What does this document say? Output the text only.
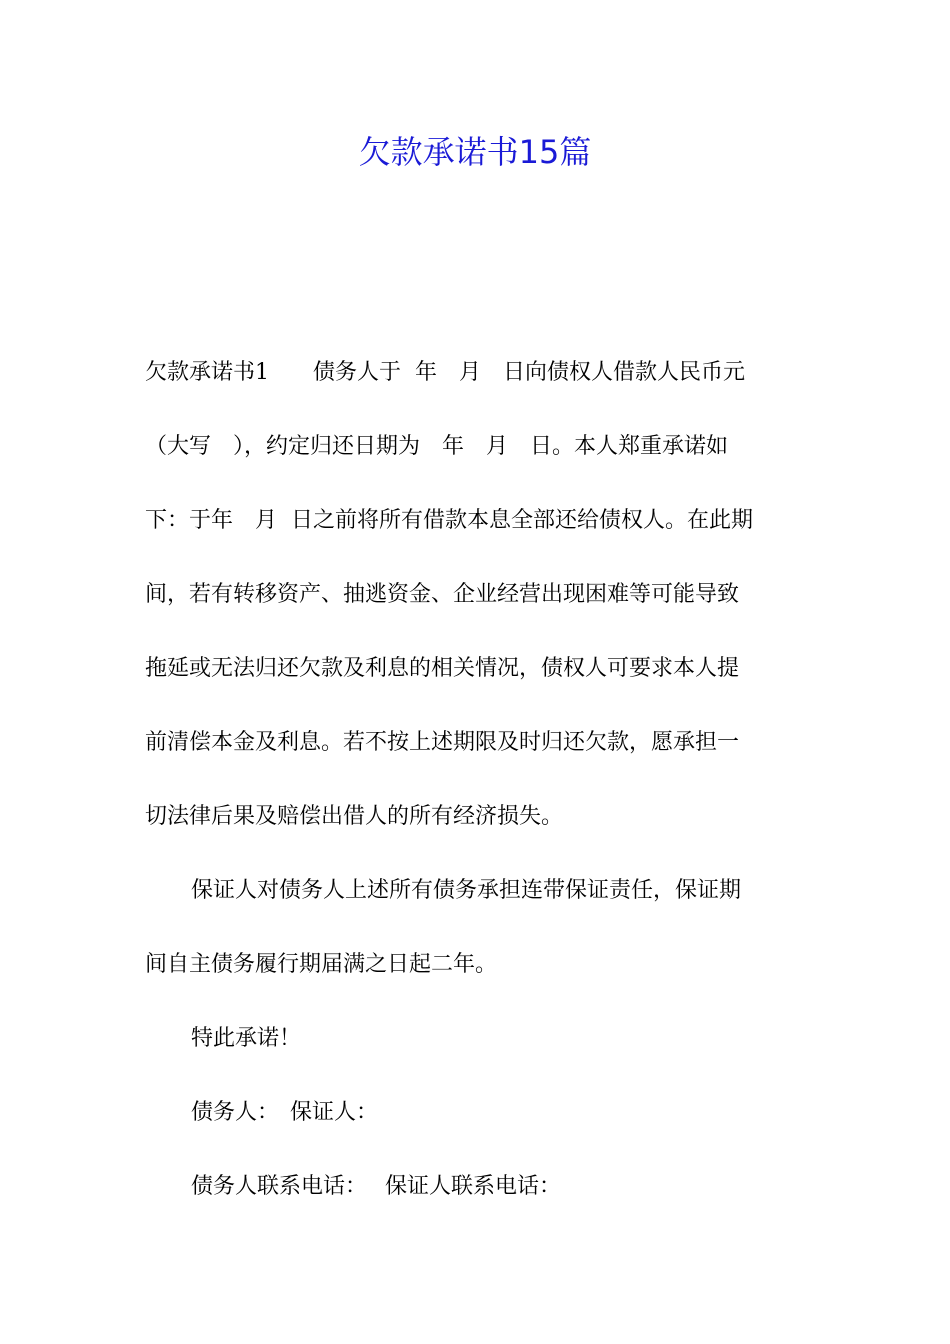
欠款承诺书15篇

欠款承诺书1　　债务人于  年　月　日向债权人借款人民币元
（大写　），约定归还日期为　年　月　日。本人郑重承诺如
下：于年　月  日之前将所有借款本息全部还给债权人。在此期
间，若有转移资产、抽逃资金、企业经营出现困难等可能导致
拖延或无法归还欠款及利息的相关情况，债权人可要求本人提
前清偿本金及利息。若不按上述期限及时归还欠款，愿承担一
切法律后果及赔偿出借人的所有经济损失。

保证人对债务人上述所有债务承担连带保证责任，保证期
间自主债务履行期届满之日起二年。

特此承诺！

债务人：　保证人：

债务人联系电话：　 保证人联系电话：
